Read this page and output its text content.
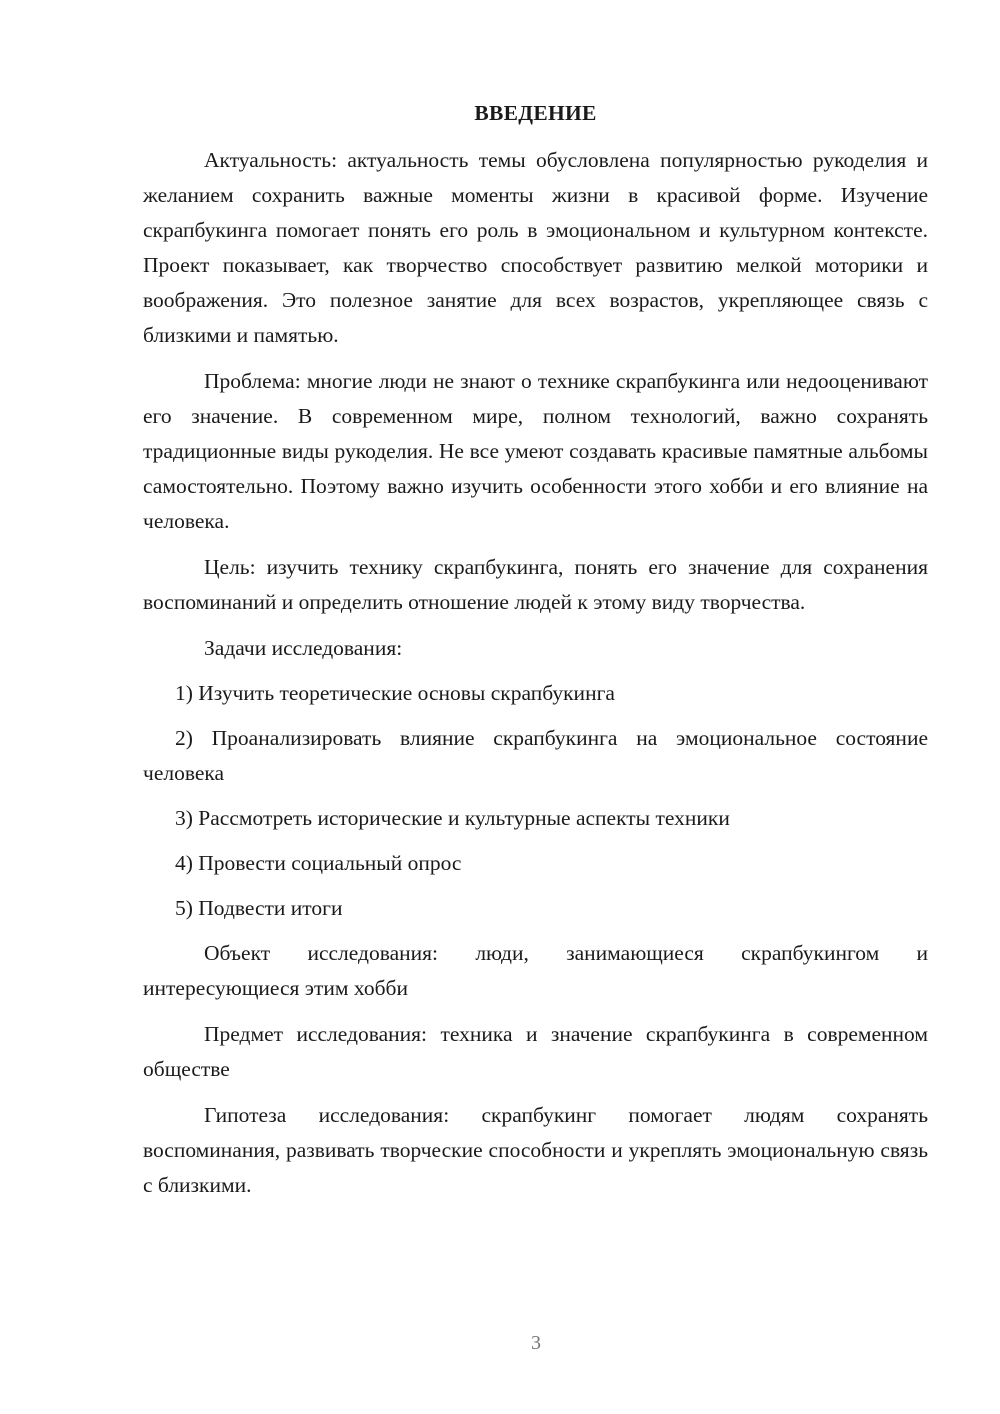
ВВЕДЕНИЕ

Актуальность: актуальность темы обусловлена популярностью рукоделия и желанием сохранить важные моменты жизни в красивой форме. Изучение скрапбукинга помогает понять его роль в эмоциональном и культурном контексте. Проект показывает, как творчество способствует развитию мелкой моторики и воображения. Это полезное занятие для всех возрастов, укрепляющее связь с близкими и памятью.

Проблема: многие люди не знают о технике скрапбукинга или недооценивают его значение. В современном мире, полном технологий, важно сохранять традиционные виды рукоделия. Не все умеют создавать красивые памятные альбомы самостоятельно. Поэтому важно изучить особенности этого хобби и его влияние на человека.

Цель: изучить технику скрапбукинга, понять его значение для сохранения воспоминаний и определить отношение людей к этому виду творчества.

Задачи исследования:

1) Изучить теоретические основы скрапбукинга

2) Проанализировать влияние скрапбукинга на эмоциональное состояние человека

3) Рассмотреть исторические и культурные аспекты техники

4) Провести социальный опрос

5) Подвести итоги

Объект исследования: люди, занимающиеся скрапбукингом и интересующиеся этим хобби

Предмет исследования: техника и значение скрапбукинга в современном обществе

Гипотеза исследования: скрапбукинг помогает людям сохранять воспоминания, развивать творческие способности и укреплять эмоциональную связь с близкими.

3
